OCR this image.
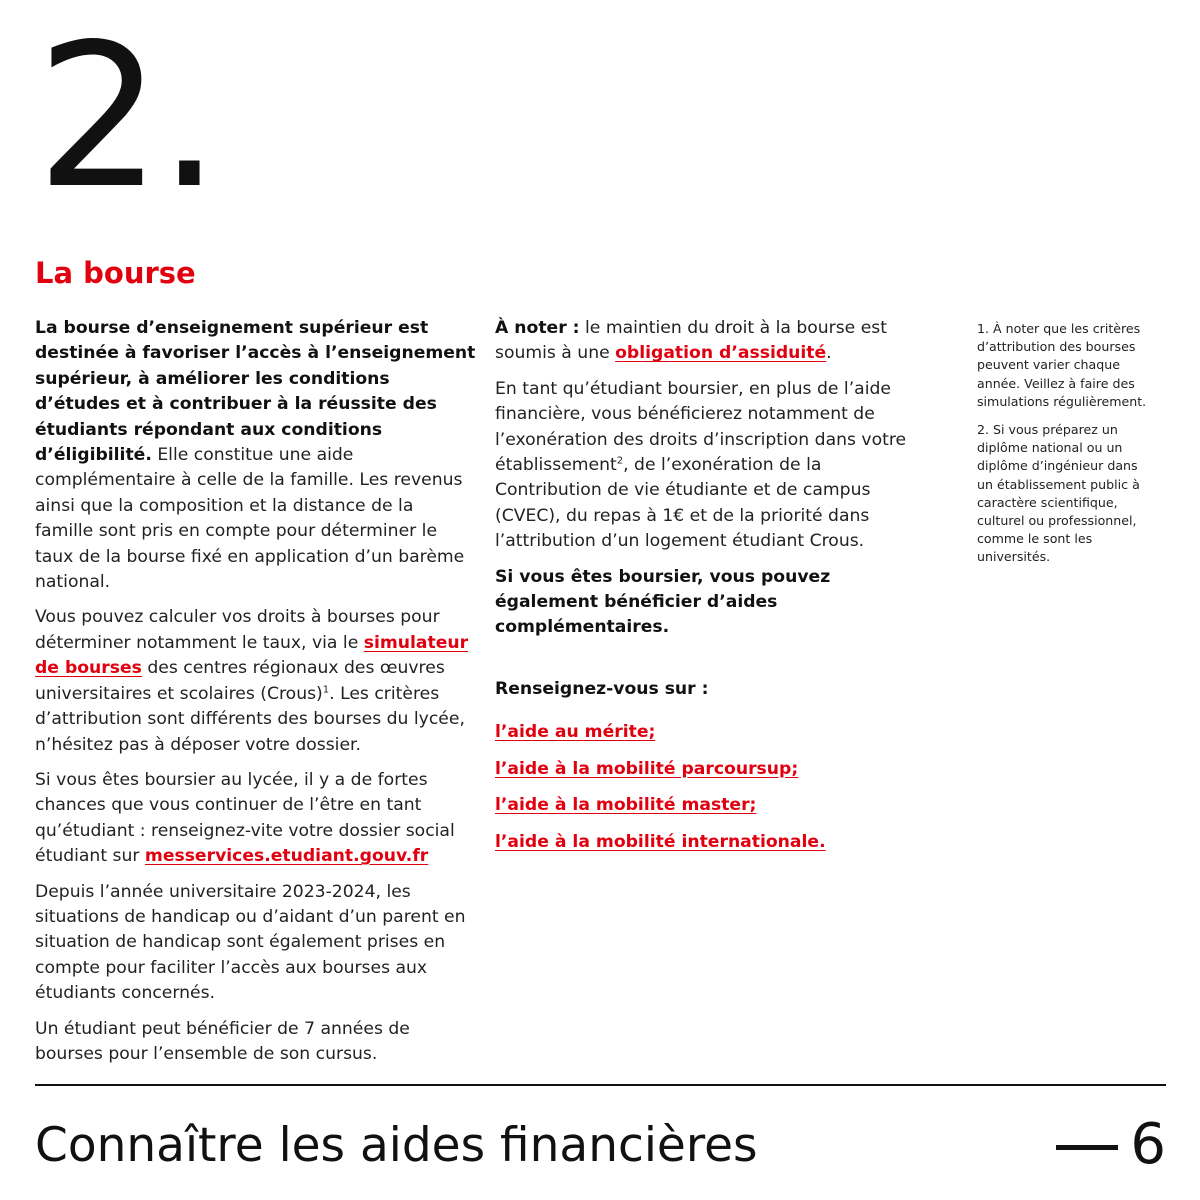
2.
La bourse

La bourse d’enseignement supérieur est destinée à favoriser l’accès à l’enseignement supérieur, à améliorer les conditions d’études et à contribuer à la réussite des étudiants répondant aux conditions d’éligibilité. Elle constitue une aide complémentaire à celle de la famille. Les revenus ainsi que la composition et la distance de la famille sont pris en compte pour déterminer le taux de la bourse fixé en application d’un barème national.

Vous pouvez calculer vos droits à bourses pour déterminer notamment le taux, via le simulateur de bourses des centres régionaux des œuvres universitaires et scolaires (Crous)$^1$. Les critères d’attribution sont différents des bourses du lycée, n’hésitez pas à déposer votre dossier.

Si vous êtes boursier au lycée, il y a de fortes chances que vous continuer de l’être en tant qu’étudiant : renseignez-vite votre dossier social étudiant sur messervices.etudiant.gouv.fr

Depuis l’année universitaire 2023-2024, les situations de handicap ou d’aidant d’un parent en situation de handicap sont également prises en compte pour faciliter l’accès aux bourses aux étudiants concernés.

Un étudiant peut bénéficier de 7 années de bourses pour l’ensemble de son cursus.

À noter : le maintien du droit à la bourse est soumis à une obligation d’assiduité.

En tant qu’étudiant boursier, en plus de l’aide financière, vous bénéficierez notamment de l’exonération des droits d’inscription dans votre établissement$^2$, de l’exonération de la Contribution de vie étudiante et de campus (CVEC), du repas à 1€ et de la priorité dans l’attribution d’un logement étudiant Crous.

Si vous êtes boursier, vous pouvez également bénéficier d’aides complémentaires.

Renseignez-vous sur :

l’aide au mérite;
l’aide à la mobilité parcoursup;
l’aide à la mobilité master;
l’aide à la mobilité internationale.

1. À noter que les critères d’attribution des bourses peuvent varier chaque année. Veillez à faire des simulations régulièrement.

2. Si vous préparez un diplôme national ou un diplôme d’ingénieur dans un établissement public à caractère scientifique, culturel ou professionnel, comme le sont les universités.

Connaître les aides financières	6
